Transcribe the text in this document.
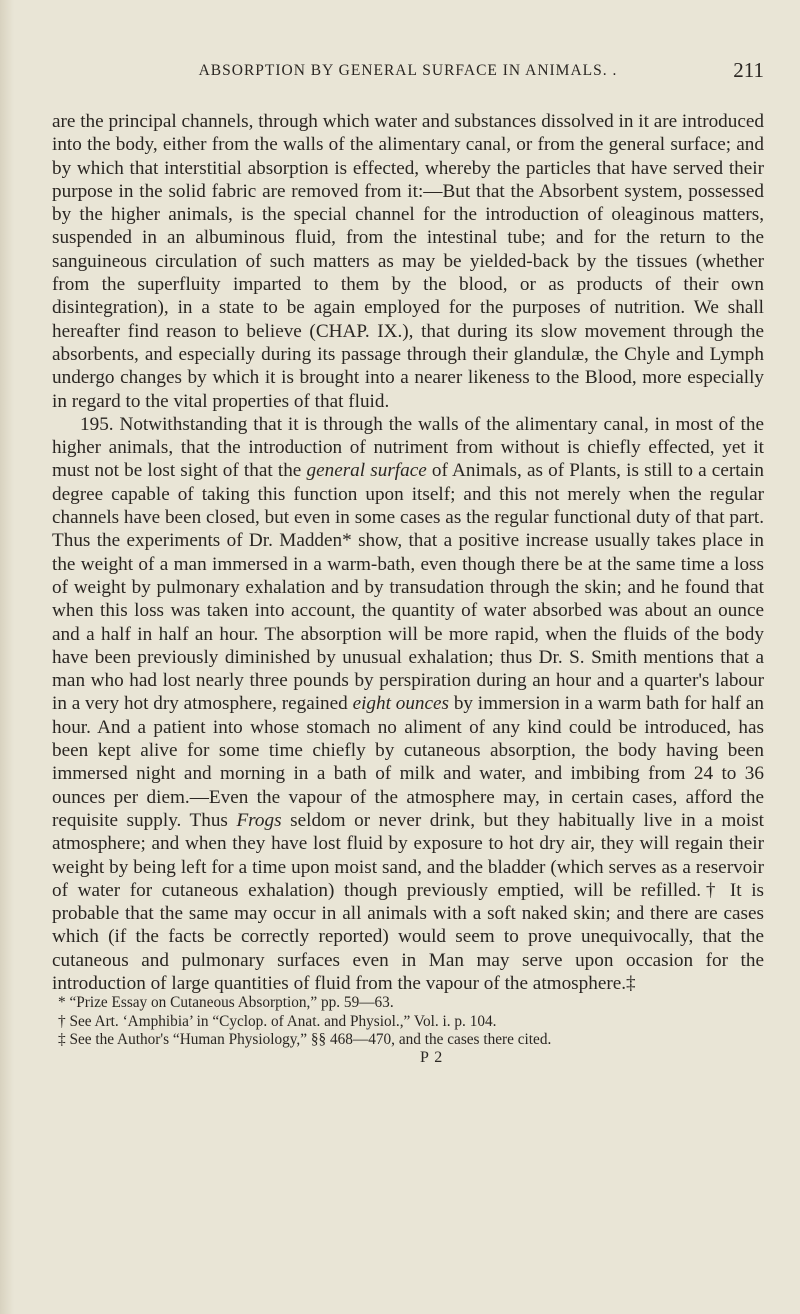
ABSORPTION BY GENERAL SURFACE IN ANIMALS. .	211

are the principal channels, through which water and substances dissolved in it are introduced into the body, either from the walls of the alimentary canal, or from the general surface; and by which that interstitial absorption is effected, whereby the particles that have served their purpose in the solid fabric are removed from it:—But that the Absorbent system, possessed by the higher animals, is the special channel for the introduction of oleaginous matters, suspended in an albuminous fluid, from the intestinal tube; and for the return to the sanguineous circulation of such matters as may be yielded-back by the tissues (whether from the superfluity imparted to them by the blood, or as products of their own disintegration), in a state to be again employed for the purposes of nutrition. We shall hereafter find reason to believe (CHAP. IX.), that during its slow movement through the absorbents, and especially during its passage through their glandulæ, the Chyle and Lymph undergo changes by which it is brought into a nearer likeness to the Blood, more especially in regard to the vital properties of that fluid.

195. Notwithstanding that it is through the walls of the alimentary canal, in most of the higher animals, that the introduction of nutriment from without is chiefly effected, yet it must not be lost sight of that the general surface of Animals, as of Plants, is still to a certain degree capable of taking this function upon itself; and this not merely when the regular channels have been closed, but even in some cases as the regular functional duty of that part. Thus the experiments of Dr. Madden* show, that a positive increase usually takes place in the weight of a man immersed in a warm-bath, even though there be at the same time a loss of weight by pulmonary exhalation and by transudation through the skin; and he found that when this loss was taken into account, the quantity of water absorbed was about an ounce and a half in half an hour. The absorption will be more rapid, when the fluids of the body have been previously diminished by unusual exhalation; thus Dr. S. Smith mentions that a man who had lost nearly three pounds by perspiration during an hour and a quarter's labour in a very hot dry atmosphere, regained eight ounces by immersion in a warm bath for half an hour. And a patient into whose stomach no aliment of any kind could be introduced, has been kept alive for some time chiefly by cutaneous absorption, the body having been immersed night and morning in a bath of milk and water, and imbibing from 24 to 36 ounces per diem.—Even the vapour of the atmosphere may, in certain cases, afford the requisite supply. Thus Frogs seldom or never drink, but they habitually live in a moist atmosphere; and when they have lost fluid by exposure to hot dry air, they will regain their weight by being left for a time upon moist sand, and the bladder (which serves as a reservoir of water for cutaneous exhalation) though previously emptied, will be refilled.† It is probable that the same may occur in all animals with a soft naked skin; and there are cases which (if the facts be correctly reported) would seem to prove unequivocally, that the cutaneous and pulmonary surfaces even in Man may serve upon occasion for the introduction of large quantities of fluid from the vapour of the atmosphere.‡

* “Prize Essay on Cutaneous Absorption,” pp. 59—63.

† See Art. ‘Amphibia’ in “Cyclop. of Anat. and Physiol.,” Vol. i. p. 104.

‡ See the Author's “Human Physiology,” §§ 468—470, and the cases there cited.

P 2
